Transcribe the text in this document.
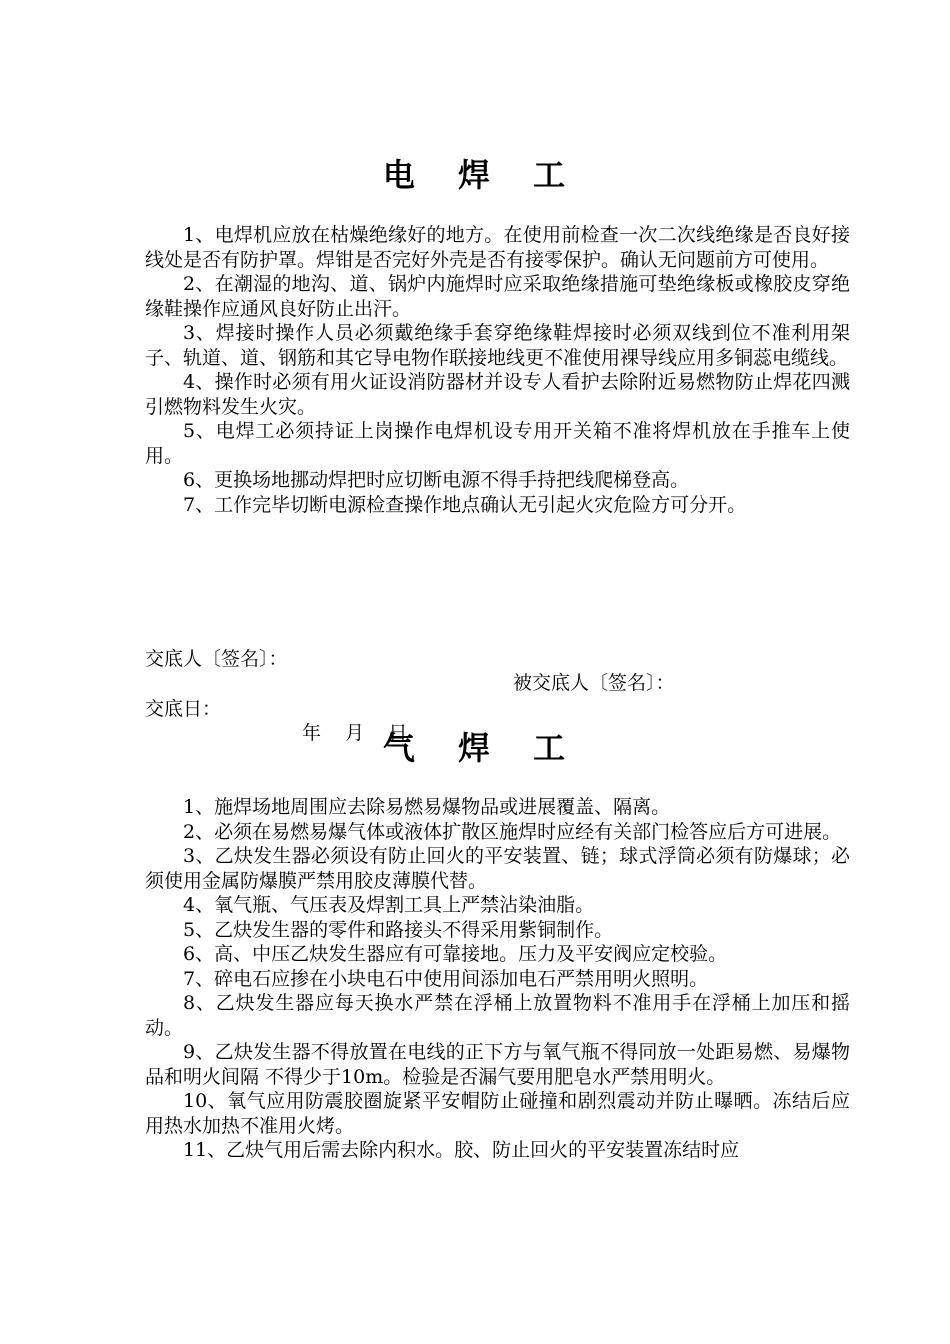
电 焊 工

1、电焊机应放在枯燥绝缘好的地方。在使用前检查一次二次线绝缘是否良好接线处是否有防护罩。焊钳是否完好外壳是否有接零保护。确认无问题前方可使用。

2、在潮湿的地沟、道、锅炉内施焊时应采取绝缘措施可垫绝缘板或橡胶皮穿绝缘鞋操作应通风良好防止出汗。

3、焊接时操作人员必须戴绝缘手套穿绝缘鞋焊接时必须双线到位不准利用架子、轨道、道、钢筋和其它导电物作联接地线更不准使用裸导线应用多铜蕊电缆线。

4、操作时必须有用火证设消防器材并设专人看护去除附近易燃物防止焊花四溅引燃物料发生火灾。

5、电焊工必须持证上岗操作电焊机设专用开关箱不准将焊机放在手推车上使用。

6、更换场地挪动焊把时应切断电源不得手持把线爬梯登高。

7、工作完毕切断电源检查操作地点确认无引起火灾危险方可分开。

交底人〔签名〕：

被交底人〔签名〕：

交底日：

年    月    日

气 焊 工

1、施焊场地周围应去除易燃易爆物品或进展覆盖、隔离。

2、必须在易燃易爆气体或液体扩散区施焊时应经有关部门检答应后方可进展。

3、乙炔发生器必须设有防止回火的平安装置、链；球式浮筒必须有防爆球；必须使用金属防爆膜严禁用胶皮薄膜代替。

4、氧气瓶、气压表及焊割工具上严禁沾染油脂。

5、乙炔发生器的零件和路接头不得采用紫铜制作。

6、高、中压乙炔发生器应有可靠接地。压力及平安阀应定校验。

7、碎电石应掺在小块电石中使用间添加电石严禁用明火照明。

8、乙炔发生器应每天换水严禁在浮桶上放置物料不准用手在浮桶上加压和摇动。

9、乙炔发生器不得放置在电线的正下方与氧气瓶不得同放一处距易燃、易爆物品和明火间隔 不得少于10m。检验是否漏气要用肥皂水严禁用明火。

10、氧气应用防震胶圈旋紧平安帽防止碰撞和剧烈震动并防止曝晒。冻结后应用热水加热不准用火烤。

11、乙炔气用后需去除内积水。胶、防止回火的平安装置冻结时应
